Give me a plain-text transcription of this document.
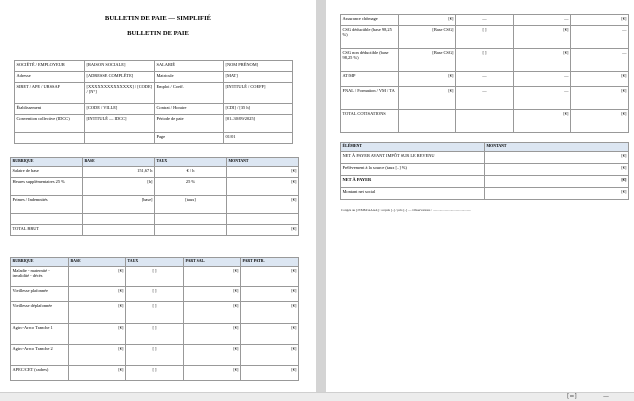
BULLETIN DE PAIE — SIMPLIFIÉ
BULLETIN DE PAIE
SOCIÉTÉ / EMPLOYEUR	[RAISON SOCIALE]	SALARIÉ	[NOM PRÉNOM]
Adresse	[ADRESSE COMPLÈTE]	Matricule	[MAT]
SIRET / APE / URSSAF	[XXXXXXXXXXXXXX] / [CODE] / [N°]	Emploi / Coeff.	[INTITULÉ / COEFF]
Établissement	[CODE / VILLE]	Contrat / Horaire	[CDI] / [35 h]
Convention collective (IDCC)	[INTITULÉ — IDCC]	Période de paie	[01–30/09/2025]
		Page	01/01
RUBRIQUE	BASE	TAUX	MONTANT
Salaire de base	151,67 h	€ / h	[€]
Heures supplémentaires 25 %	[h]	25 %	[€]
Primes / Indemnités	[base]	[taux]	[€]

TOTAL BRUT			[€]
RUBRIQUE	BASE	TAUX	PART SAL.	PART PATR.
Maladie - maternité - invalidité - décès	[€]	[ ]	[€]	[€]
Vieillesse plafonnée	[€]	[ ]	[€]	[€]
Vieillesse déplafonnée	[€]	[ ]	[€]	[€]
Agirc-Arrco Tranche 1	[€]	[ ]	[€]	[€]
Agirc-Arrco Tranche 2	[€]	[ ]	[€]	[€]
APEC/CET (cadres)	[€]	[ ]	[€]	[€]
Assurance chômage	[€]	—	—	[€]
CSG déductible (base 98,25 %)	[Base CSG]	[ ]	[€]	—
CSG non déductible (base 98,25 %)	[Base CSG]	[ ]	[€]	—
AT/MP	[€]	—	—	[€]
FNAL / Formation / VM / TA	[€]	—	—	[€]
TOTAL COTISATIONS			[€]	[€]
ÉLÉMENT	MONTANT
NET À PAYER AVANT IMPÔT SUR LE REVENU	[€]
Prélèvement à la source (taux [..] %)	[€]
NET À PAYER	[€]
Montant net social	[€]
Congés au [JJ/MM/AAAA] : acquis [..] / pris [..] — Observations : .............................................
[=]	—
